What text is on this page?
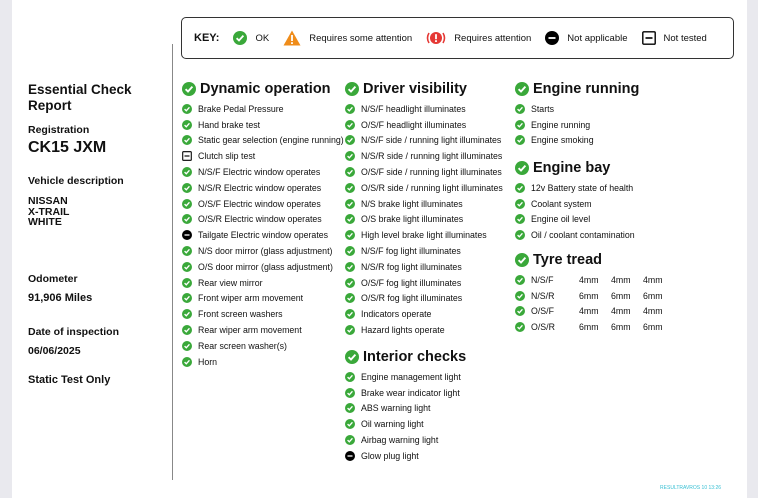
KEY:	OK	Requires some attention	Requires attention	Not applicable	Not tested
Essential Check Report
Registration
CK15 JXM
Vehicle description
NISSAN
X-TRAIL
WHITE
Odometer
91,906 Miles
Date of inspection
06/06/2025
Static Test Only
Dynamic operation
Brake Pedal Pressure
Hand brake test
Static gear selection (engine running)
Clutch slip test
N/S/F Electric window operates
N/S/R Electric window operates
O/S/F Electric window operates
O/S/R Electric window operates
Tailgate Electric window operates
N/S door mirror (glass adjustment)
O/S door mirror (glass adjustment)
Rear view mirror
Front wiper arm movement
Front screen washers
Rear wiper arm movement
Rear screen washer(s)
Horn
Driver visibility
N/S/F headlight illuminates
O/S/F headlight illuminates
N/S/F side / running light illuminates
N/S/R side / running light illuminates
O/S/F side / running light illuminates
O/S/R side / running light illuminates
N/S brake light illuminates
O/S brake light illuminates
High level brake light illuminates
N/S/F fog light illuminates
N/S/R fog light illuminates
O/S/F fog light illuminates
O/S/R fog light illuminates
Indicators operate
Hazard lights operate
Interior checks
Engine management light
Brake wear indicator light
ABS warning light
Oil warning light
Airbag warning light
Glow plug light
Engine running
Starts
Engine running
Engine smoking
Engine bay
12v Battery state of health
Coolant system
Engine oil level
Oil / coolant contamination
Tyre tread
N/S/F	4mm	4mm	4mm
N/S/R	6mm	6mm	6mm
O/S/F	4mm	4mm	4mm
O/S/R	6mm	6mm	6mm
RESULTRAVROS 10 13:26
